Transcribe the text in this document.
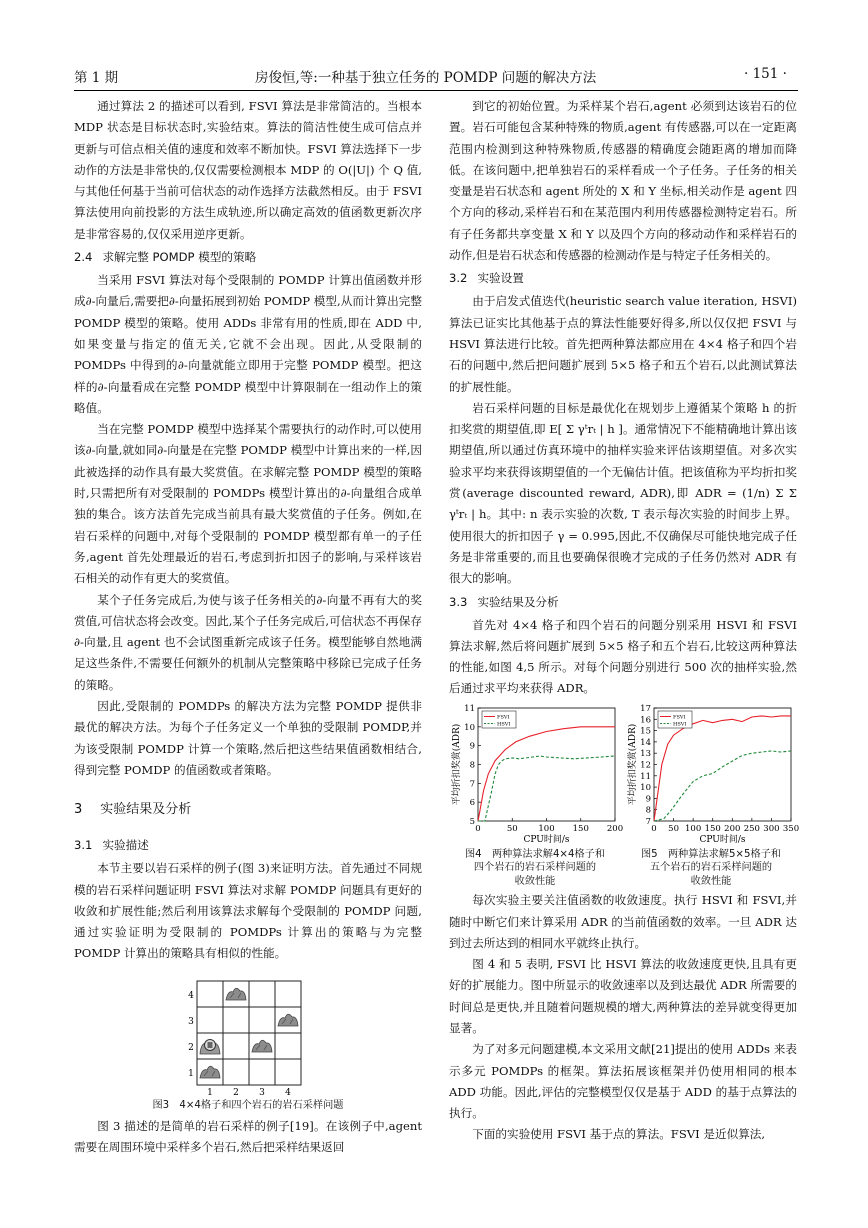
第 1 期	房俊恒,等:一种基于独立任务的 POMDP 问题的解决方法	· 151 ·

通过算法 2 的描述可以看到, FSVI 算法是非常简洁的。当根本 MDP 状态是目标状态时,实验结束。算法的简洁性使生成可信点并更新与可信点相关值的速度和效率不断加快。FSVI 算法选择下一步动作的方法是非常快的,仅仅需要检测根本 MDP 的 O(|U|) 个 Q 值,与其他任何基于当前可信状态的动作选择方法截然相反。由于 FSVI 算法使用向前投影的方法生成轨迹,所以确定高效的值函数更新次序是非常容易的,仅仅采用逆序更新。

2.4 求解完整 POMDP 模型的策略

当采用 FSVI 算法对每个受限制的 POMDP 计算出值函数并形成∂-向量后,需要把∂-向量拓展到初始 POMDP 模型,从而计算出完整 POMDP 模型的策略。使用 ADDs 非常有用的性质,即在 ADD 中,如果变量与指定的值无关,它就不会出现。因此,从受限制的 POMDPs 中得到的∂-向量就能立即用于完整 POMDP 模型。把这样的∂-向量看成在完整 POMDP 模型中计算限制在一组动作上的策略值。

当在完整 POMDP 模型中选择某个需要执行的动作时,可以使用该∂-向量,就如同∂-向量是在完整 POMDP 模型中计算出来的一样,因此被选择的动作具有最大奖赏值。在求解完整 POMDP 模型的策略时,只需把所有对受限制的 POMDPs 模型计算出的∂-向量组合成单独的集合。该方法首先完成当前具有最大奖赏值的子任务。例如,在岩石采样的问题中,对每个受限制的 POMDP 模型都有单一的子任务,agent 首先处理最近的岩石,考虑到折扣因子的影响,与采样该岩石相关的动作有更大的奖赏值。

某个子任务完成后,为使与该子任务相关的∂-向量不再有大的奖赏值,可信状态将会改变。因此,某个子任务完成后,可信状态不再保存∂-向量,且 agent 也不会试图重新完成该子任务。模型能够自然地满足这些条件,不需要任何额外的机制从完整策略中移除已完成子任务的策略。

因此,受限制的 POMDPs 的解决方法为完整 POMDP 提供非最优的解决方法。为每个子任务定义一个单独的受限制 POMDP,并为该受限制 POMDP 计算一个策略,然后把这些结果值函数相结合,得到完整 POMDP 的值函数或者策略。

3 实验结果及分析
3.1 实验描述

本节主要以岩石采样的例子(图 3)来证明方法。首先通过不同规模的岩石采样问题证明 FSVI 算法对求解 POMDP 问题具有更好的收敛和扩展性能;然后利用该算法求解每个受限制的 POMDP 问题,通过实验证明为受限制的 POMDPs 计算出的策略与为完整 POMDP 计算出的策略具有相似的性能。

4
3
2
1
1 2 3 4
图3　4×4格子和四个岩石的岩石采样问题

图 3 描述的是简单的岩石采样的例子[19]。在该例子中,agent 需要在周围环境中采样多个岩石,然后把采样结果返回

到它的初始位置。为采样某个岩石,agent 必须到达该岩石的位置。岩石可能包含某种特殊的物质,agent 有传感器,可以在一定距离范围内检测到这种特殊物质,传感器的精确度会随距离的增加而降低。在该问题中,把单独岩石的采样看成一个子任务。子任务的相关变量是岩石状态和 agent 所处的 X 和 Y 坐标,相关动作是 agent 四个方向的移动,采样岩石和在某范围内利用传感器检测特定岩石。所有子任务都共享变量 X 和 Y 以及四个方向的移动动作和采样岩石的动作,但是岩石状态和传感器的检测动作是与特定子任务相关的。

3.2 实验设置

由于启发式值迭代(heuristic search value iteration, HSVI)算法已证实比其他基于点的算法性能要好得多,所以仅仅把 FSVI 与 HSVI 算法进行比较。首先把两种算法都应用在 4×4 格子和四个岩石的问题中,然后把问题扩展到 5×5 格子和五个岩石,以此测试算法的扩展性能。

岩石采样问题的目标是最优化在规划步上遵循某个策略 h 的折扣奖赏的期望值,即 E[ Σ γᵗrₜ | h ]。通常情况下不能精确地计算出该期望值,所以通过仿真环境中的抽样实验来评估该期望值。对多次实验求平均来获得该期望值的一个无偏估计值。把该值称为平均折扣奖赏(average discounted reward, ADR),即 ADR = (1/n) Σ Σ γᵗrₜ | h。其中: n 表示实验的次数, T 表示每次实验的时间步上界。使用很大的折扣因子 γ = 0.995,因此,不仅确保尽可能快地完成子任务是非常重要的,而且也要确保很晚才完成的子任务仍然对 ADR 有很大的影响。

3.3 实验结果及分析

首先对 4×4 格子和四个岩石的问题分别采用 HSVI 和 FSVI 算法求解,然后将问题扩展到 5×5 格子和五个岩石,比较这两种算法的性能,如图 4,5 所示。对每个问题分别进行 500 次的抽样实验,然后通过求平均来获得 ADR。

5
6
7
8
9
10
11
0	50 100 150 200
CPU时间/s
平均折扣奖赏(ADR)
FSVI
HSVI
图4　两种算法求解4×4格子和
四个岩石的岩石采样问题的
收敛性能
7
8
9
10
11
12
13
14
15
16
17
0 50 100 150 200 250 300 350
CPU时间/s
平均折扣奖赏(ADR)
FSVI
HSVI
图5　两种算法求解5×5格子和
五个岩石的岩石采样问题的
收敛性能

每次实验主要关注值函数的收敛速度。执行 HSVI 和 FSVI,并随时中断它们来计算采用 ADR 的当前值函数的效率。一旦 ADR 达到过去所达到的相同水平就终止执行。

图 4 和 5 表明, FSVI 比 HSVI 算法的收敛速度更快,且具有更好的扩展能力。图中所显示的收敛速率以及到达最优 ADR 所需要的时间总是更快,并且随着问题规模的增大,两种算法的差异就变得更加显著。

为了对多元问题建模,本文采用文献[21]提出的使用 ADDs 来表示多元 POMDPs 的框架。算法拓展该框架并仍使用相同的根本 ADD 功能。因此,评估的完整模型仅仅是基于 ADD 的基于点算法的执行。

下面的实验使用 FSVI 基于点的算法。FSVI 是近似算法,
